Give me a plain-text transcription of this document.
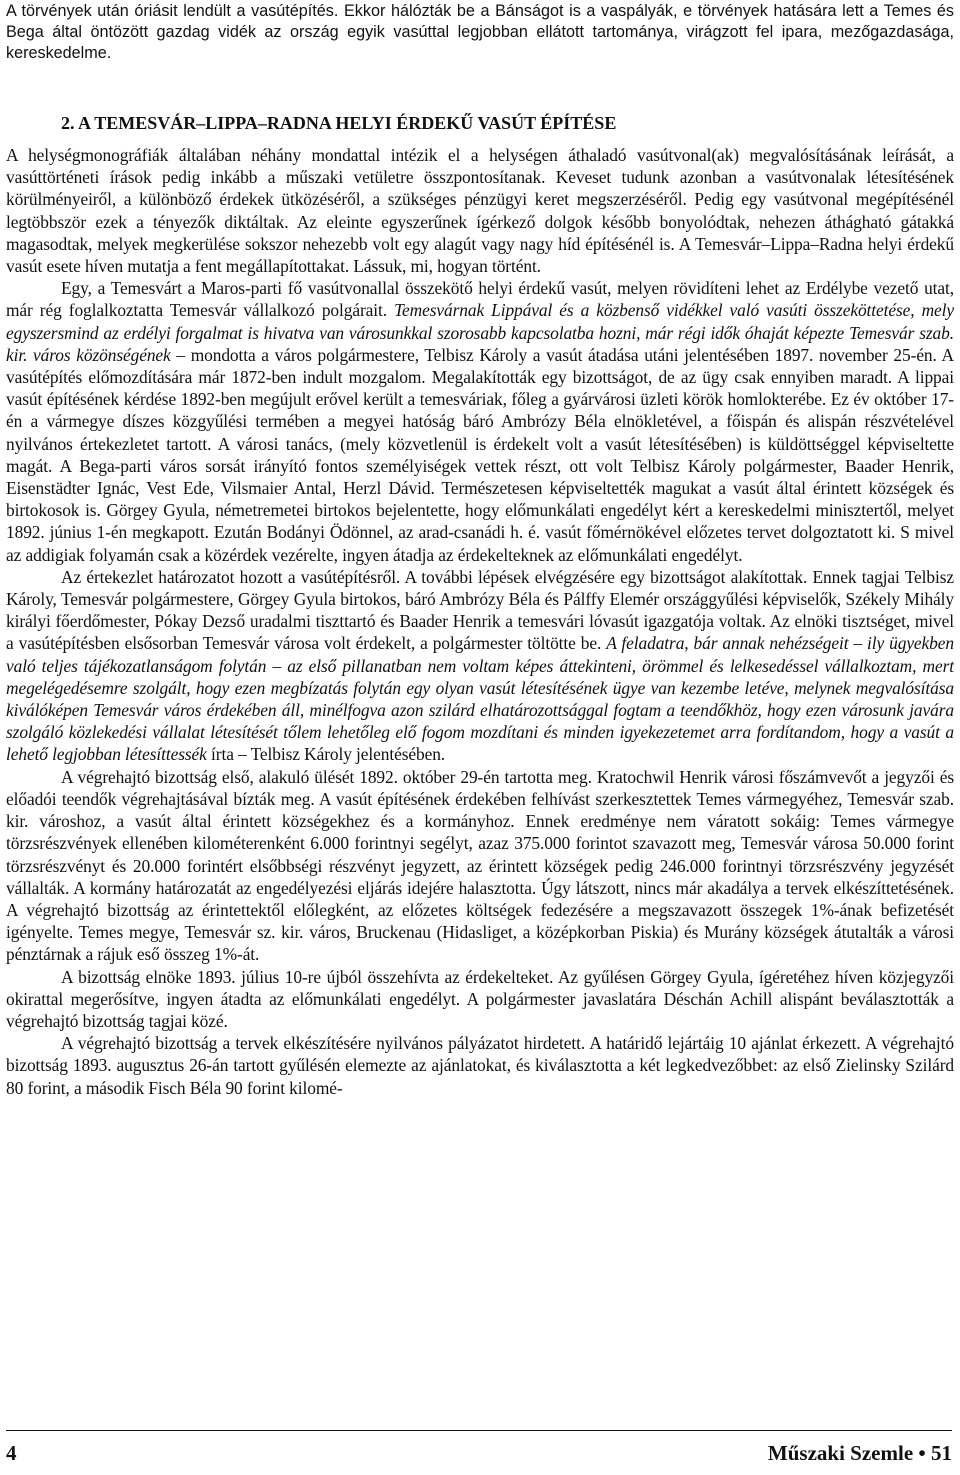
A törvények után óriásit lendült a vasútépítés. Ekkor hálózták be a Bánságot is a vaspályák, e törvények hatására lett a Temes és Bega által öntözött gazdag vidék az ország egyik vasúttal legjobban ellátott tartománya, virágzott fel ipara, mezőgazdasága, kereskedelme.

2. A TEMESVÁR–LIPPA–RADNA HELYI ÉRDEKŰ VASÚT ÉPÍTÉSE

A helységmonográfiák általában néhány mondattal intézik el a helységen áthaladó vasútvonal(ak) megvalósításának leírását, a vasúttörténeti írások pedig inkább a műszaki vetületre összpontosítanak. Keveset tudunk azonban a vasútvonalak létesítésének körülményeiről, a különböző érdekek ütközéséről, a szükséges pénzügyi keret megszerzéséről. Pedig egy vasútvonal megépítésénél legtöbbször ezek a tényezők diktáltak. Az eleinte egyszerűnek ígérkező dolgok később bonyolódtak, nehezen áthágható gátakká magasodtak, melyek megkerülése sokszor nehezebb volt egy alagút vagy nagy híd építésénél is. A Temesvár–Lippa–Radna helyi érdekű vasút esete híven mutatja a fent megállapítottakat. Lássuk, mi, hogyan történt.

Egy, a Temesvárt a Maros-parti fő vasútvonallal összekötő helyi érdekű vasút, melyen rövidíteni lehet az Erdélybe vezető utat, már rég foglalkoztatta Temesvár vállalkozó polgárait. Temesvárnak Lippával és a közbenső vidékkel való vasúti összeköttetése, mely egyszersmind az erdélyi forgalmat is hivatva van városunkkal szorosabb kapcsolatba hozni, már régi idők óhaját képezte Temesvár szab. kir. város közönségének – mondotta a város polgármestere, Telbisz Károly a vasút átadása utáni jelentésében 1897. november 25-én. A vasútépítés előmozdítására már 1872-ben indult mozgalom. Megalakították egy bizottságot, de az ügy csak ennyiben maradt. A lippai vasút építésének kérdése 1892-ben megújult erővel került a temesváriak, főleg a gyárvárosi üzleti körök homlokterébe. Ez év október 17-én a vármegye díszes közgyűlési termében a megyei hatóság báró Ambrózy Béla elnökletével, a főispán és alispán részvételével nyilvános értekezletet tartott. A városi tanács, (mely közvetlenül is érdekelt volt a vasút létesítésében) is küldöttséggel képviseltette magát. A Bega-parti város sorsát irányító fontos személyiségek vettek részt, ott volt Telbisz Károly polgármester, Baader Henrik, Eisenstädter Ignác, Vest Ede, Vilsmaier Antal, Herzl Dávid. Természetesen képviseltették magukat a vasút által érintett községek és birtokosok is. Görgey Gyula, németremetei birtokos bejelentette, hogy előmunkálati engedélyt kért a kereskedelmi minisztertől, melyet 1892. június 1-én megkapott. Ezután Bodányi Ödönnel, az arad-csanádi h. é. vasút főmérnökével előzetes tervet dolgoztatott ki. S mivel az addigiak folyamán csak a közérdek vezérelte, ingyen átadja az érdekelteknek az előmunkálati engedélyt.

Az értekezlet határozatot hozott a vasútépítésről. A további lépések elvégzésére egy bizottságot alakítottak. Ennek tagjai Telbisz Károly, Temesvár polgármestere, Görgey Gyula birtokos, báró Ambrózy Béla és Pálffy Elemér országgyűlési képviselők, Székely Mihály királyi főerdőmester, Pókay Dezső uradalmi tiszttartó és Baader Henrik a temesvári lóvasút igazgatója voltak. Az elnöki tisztséget, mivel a vasútépítésben elsősorban Temesvár városa volt érdekelt, a polgármester töltötte be. A feladatra, bár annak nehézségeit – ily ügyekben való teljes tájékozatlanságom folytán – az első pillanatban nem voltam képes áttekinteni, örömmel és lelkesedéssel vállalkoztam, mert megelégedésemre szolgált, hogy ezen megbízatás folytán egy olyan vasút létesítésének ügye van kezembe letéve, melynek megvalósítása kiválóképen Temesvár város érdekében áll, minélfogva azon szilárd elhatározottsággal fogtam a teendőkhöz, hogy ezen városunk javára szolgáló közlekedési vállalat létesítését tőlem lehetőleg elő fogom mozdítani és minden igyekezetemet arra fordítandom, hogy a vasút a lehető legjobban létesíttessék írta – Telbisz Károly jelentésében.

A végrehajtó bizottság első, alakuló ülését 1892. október 29-én tartotta meg. Kratochwil Henrik városi főszámvevőt a jegyzői és előadói teendők végrehajtásával bízták meg. A vasút építésének érdekében felhívást szerkesztettek Temes vármegyéhez, Temesvár szab. kir. városhoz, a vasút által érintett községekhez és a kormányhoz. Ennek eredménye nem váratott sokáig: Temes vármegye törzsrészvények ellenében kilométerenként 6.000 forintnyi segélyt, azaz 375.000 forintot szavazott meg, Temesvár városa 50.000 forint törzsrészvényt és 20.000 forintért elsőbbségi részvényt jegyzett, az érintett községek pedig 246.000 forintnyi törzsrészvény jegyzését vállalták. A kormány határozatát az engedélyezési eljárás idejére halasztotta. Úgy látszott, nincs már akadálya a tervek elkészíttetésének. A végrehajtó bizottság az érintettektől előlegként, az előzetes költségek fedezésére a megszavazott összegek 1%-ának befizetését igényelte. Temes megye, Temesvár sz. kir. város, Bruckenau (Hidasliget, a középkorban Piskia) és Murány községek átutalták a városi pénztárnak a rájuk eső összeg 1%-át.

A bizottság elnöke 1893. július 10-re újból összehívta az érdekelteket. Az gyűlésen Görgey Gyula, ígéretéhez híven közjegyzői okirattal megerősítve, ingyen átadta az előmunkálati engedélyt. A polgármester javaslatára Déschán Achill alispánt beválasztották a végrehajtó bizottság tagjai közé.

A végrehajtó bizottság a tervek elkészítésére nyilvános pályázatot hirdetett. A határidő lejártáig 10 ajánlat érkezett. A végrehajtó bizottság 1893. augusztus 26-án tartott gyűlésén elemezte az ajánlatokat, és kiválasztotta a két legkedvezőbbet: az első Zielinsky Szilárd 80 forint, a második Fisch Béla 90 forint kilomé-

4	Műszaki Szemle • 51
